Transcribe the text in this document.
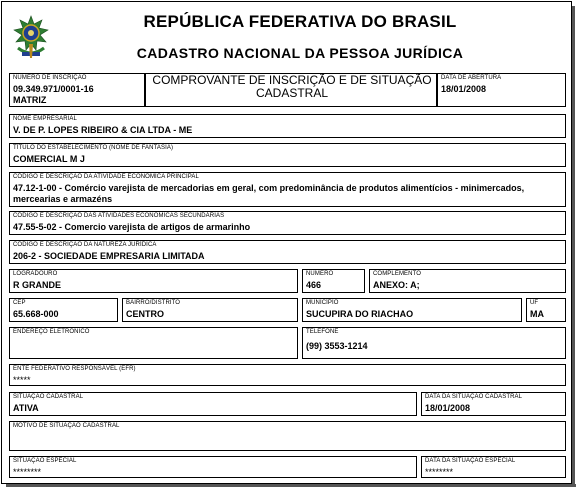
REPÚBLICA FEDERATIVA DO BRASIL
CADASTRO NACIONAL DA PESSOA JURÍDICA
NÚMERO DE INSCRIÇÃO
09.349.971/0001-16
MATRIZ
COMPROVANTE DE INSCRIÇÃO E DE SITUAÇÃO CADASTRAL
DATA DE ABERTURA
18/01/2008
NOME EMPRESARIAL
V. DE P. LOPES RIBEIRO & CIA LTDA - ME
TÍTULO DO ESTABELECIMENTO (NOME DE FANTASIA)
COMERCIAL M J
CÓDIGO E DESCRIÇÃO DA ATIVIDADE ECONÔMICA PRINCIPAL
47.12-1-00 - Comércio varejista de mercadorias em geral, com predominância de produtos alimentícios - minimercados, mercearias e armazéns
CÓDIGO E DESCRIÇÃO DAS ATIVIDADES ECONÔMICAS SECUNDÁRIAS
47.55-5-02 - Comercio varejista de artigos de armarinho
CÓDIGO E DESCRIÇÃO DA NATUREZA JURÍDICA
206-2 - SOCIEDADE EMPRESARIA LIMITADA
LOGRADOURO
R GRANDE
NÚMERO
466
COMPLEMENTO
ANEXO: A;
CEP
65.668-000
BAIRRO/DISTRITO
CENTRO
MUNICÍPIO
SUCUPIRA DO RIACHAO
UF
MA
ENDEREÇO ELETRÔNICO	TELEFONE
(99) 3553-1214
ENTE FEDERATIVO RESPONSÁVEL (EFR)
*****
SITUAÇÃO CADASTRAL
ATIVA
DATA DA SITUAÇÃO CADASTRAL
18/01/2008
MOTIVO DE SITUAÇÃO CADASTRAL
SITUAÇÃO ESPECIAL
********
DATA DA SITUAÇÃO ESPECIAL
********
